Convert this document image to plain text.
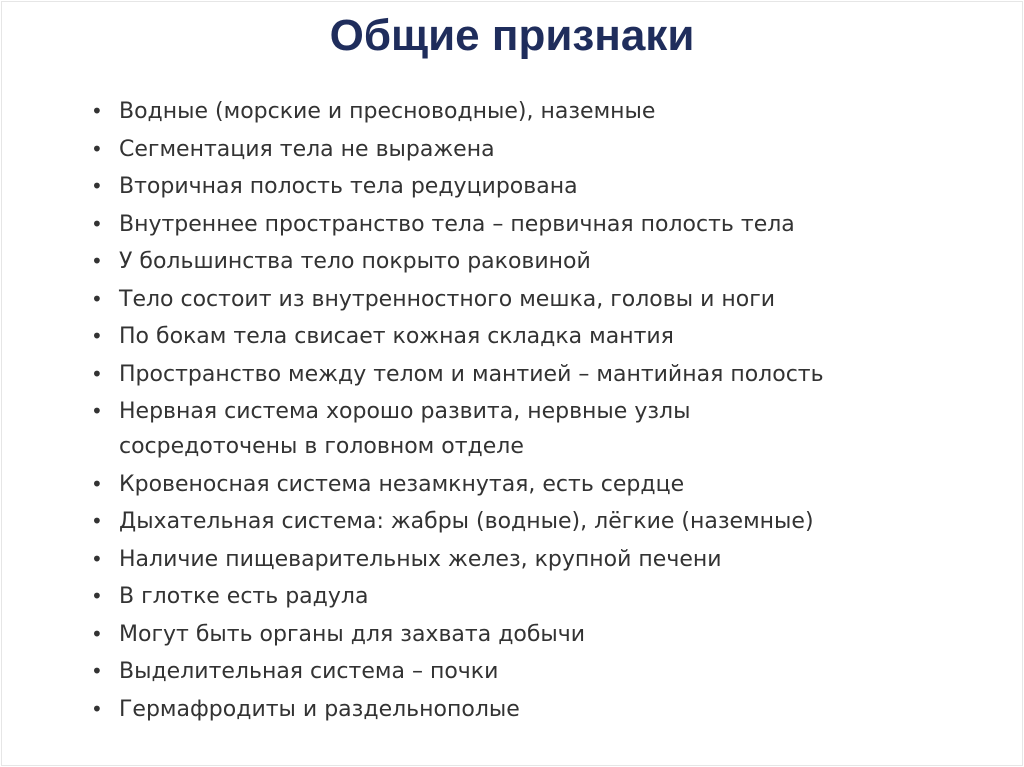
Общие признаки
• Водные (морские и пресноводные), наземные
• Сегментация тела не выражена
• Вторичная полость тела редуцирована
• Внутреннее пространство тела – первичная полость тела
• У большинства тело покрыто раковиной
• Тело состоит из внутренностного мешка, головы и ноги
• По бокам тела свисает кожная складка мантия
• Пространство между телом и мантией – мантийная полость
• Нервная система хорошо развита, нервные узлы
сосредоточены в головном отделе
• Кровеносная система незамкнутая, есть сердце
• Дыхательная система: жабры (водные), лёгкие (наземные)
• Наличие пищеварительных желез, крупной печени
• В глотке есть радула
• Могут быть органы для захвата добычи
• Выделительная система – почки
• Гермафродиты и раздельнополые
